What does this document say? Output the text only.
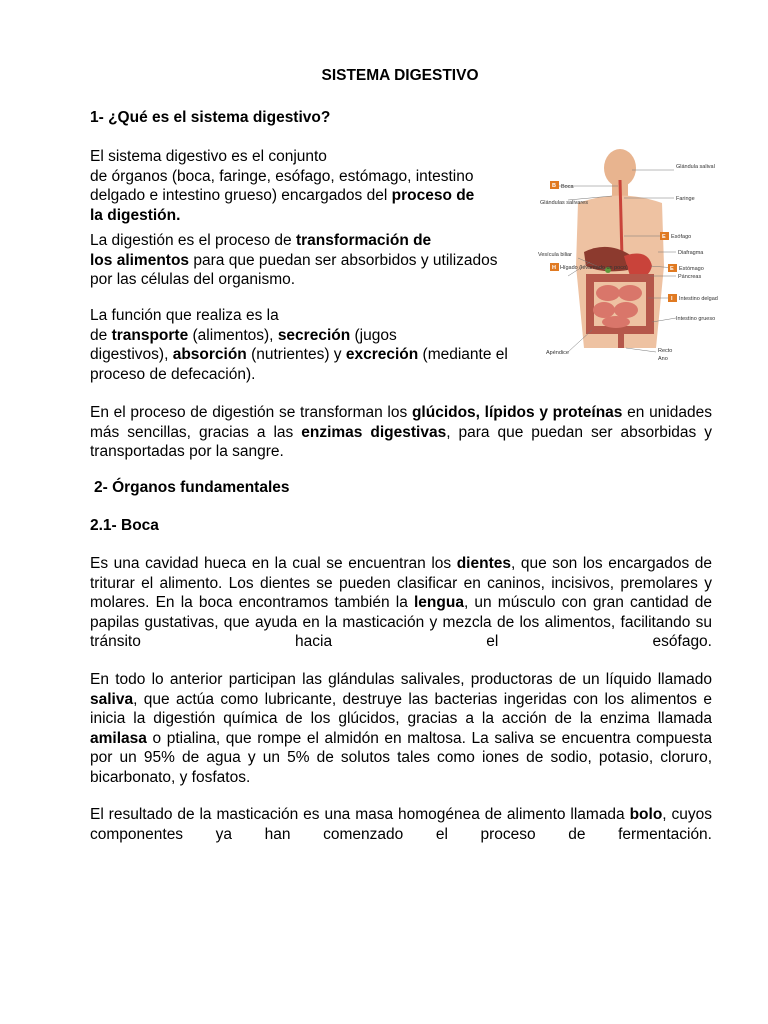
SISTEMA DIGESTIVO
1- ¿Qué es el sistema digestivo?

El sistema digestivo es el conjunto

de órganos (boca, faringe, esófago, estómago, intestino

delgado e intestino grueso) encargados del proceso de

la digestión.

La digestión es el proceso de transformación de

los alimentos para que puedan ser absorbidos y utilizados

por las células del organismo.

La función que realiza es la

de transporte (alimentos), secreción (jugos

digestivos), absorción (nutrientes) y excreción (mediante el

proceso de defecación).

B
E
H	E
I
Glándula salival
Boca
Glándulas salivares
Faringe
Esófago
Vesícula biliar
Hígado (levantado un poco)
Diafragma
Estómago
Páncreas
Intestino delgado
Intestino grueso
Apéndice	Recto
Ano

En el proceso de digestión se transforman los glúcidos, lípidos y proteínas en unidades más sencillas, gracias a las enzimas digestivas, para que puedan ser absorbidas y transportadas por la sangre.

2- Órganos fundamentales
2.1- Boca

Es una cavidad hueca en la cual se encuentran los dientes, que son los encargados de triturar el alimento. Los dientes se pueden clasificar en caninos, incisivos, premolares y molares. En la boca encontramos también la lengua, un músculo con gran cantidad de papilas gustativas, que ayuda en la masticación y mezcla de los alimentos, facilitando su tránsito hacia el esófago.

En todo lo anterior participan las glándulas salivales, productoras de un líquido llamado saliva, que actúa como lubricante, destruye las bacterias ingeridas con los alimentos e inicia la digestión química de los glúcidos, gracias a la acción de la enzima llamada amilasa o ptialina, que rompe el almidón en maltosa. La saliva se encuentra compuesta por un 95% de agua y un 5% de solutos tales como iones de sodio, potasio, cloruro, bicarbonato, y fosfatos.

El resultado de la masticación es una masa homogénea de alimento llamada bolo, cuyos componentes ya han comenzado el proceso de fermentación.
